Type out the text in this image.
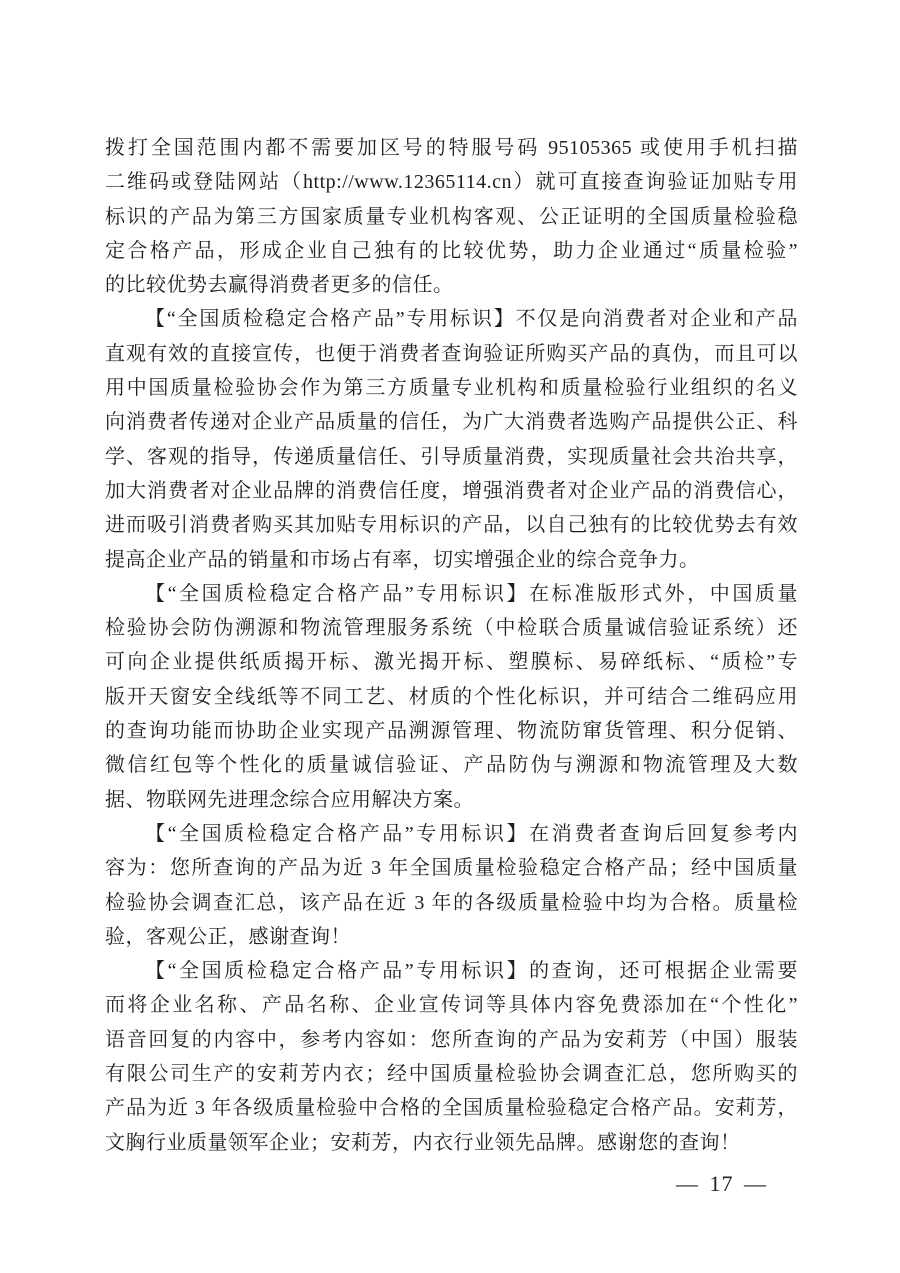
拨打全国范围内都不需要加区号的特服号码 95105365 或使用手机扫描
二维码或登陆网站（http://www.12365114.cn）就可直接查询验证加贴专用
标识的产品为第三方国家质量专业机构客观、公正证明的全国质量检验稳
定合格产品，形成企业自己独有的比较优势，助力企业通过“质量检验”
的比较优势去赢得消费者更多的信任。
【“全国质检稳定合格产品”专用标识】不仅是向消费者对企业和产品
直观有效的直接宣传，也便于消费者查询验证所购买产品的真伪，而且可以
用中国质量检验协会作为第三方质量专业机构和质量检验行业组织的名义
向消费者传递对企业产品质量的信任，为广大消费者选购产品提供公正、科
学、客观的指导，传递质量信任、引导质量消费，实现质量社会共治共享，
加大消费者对企业品牌的消费信任度，增强消费者对企业产品的消费信心，
进而吸引消费者购买其加贴专用标识的产品，以自己独有的比较优势去有效
提高企业产品的销量和市场占有率，切实增强企业的综合竞争力。
【“全国质检稳定合格产品”专用标识】在标准版形式外，中国质量
检验协会防伪溯源和物流管理服务系统（中检联合质量诚信验证系统）还
可向企业提供纸质揭开标、激光揭开标、塑膜标、易碎纸标、“质检”专
版开天窗安全线纸等不同工艺、材质的个性化标识，并可结合二维码应用
的查询功能而协助企业实现产品溯源管理、物流防窜货管理、积分促销、
微信红包等个性化的质量诚信验证、产品防伪与溯源和物流管理及大数
据、物联网先进理念综合应用解决方案。
【“全国质检稳定合格产品”专用标识】在消费者查询后回复参考内
容为：您所查询的产品为近 3 年全国质量检验稳定合格产品；经中国质量
检验协会调查汇总，该产品在近 3 年的各级质量检验中均为合格。质量检
验，客观公正，感谢查询！
【“全国质检稳定合格产品”专用标识】的查询，还可根据企业需要
而将企业名称、产品名称、企业宣传词等具体内容免费添加在“个性化”
语音回复的内容中，参考内容如：您所查询的产品为安莉芳（中国）服装
有限公司生产的安莉芳内衣；经中国质量检验协会调查汇总，您所购买的
产品为近 3 年各级质量检验中合格的全国质量检验稳定合格产品。安莉芳，
文胸行业质量领军企业；安莉芳，内衣行业领先品牌。感谢您的查询！
— 17 —
